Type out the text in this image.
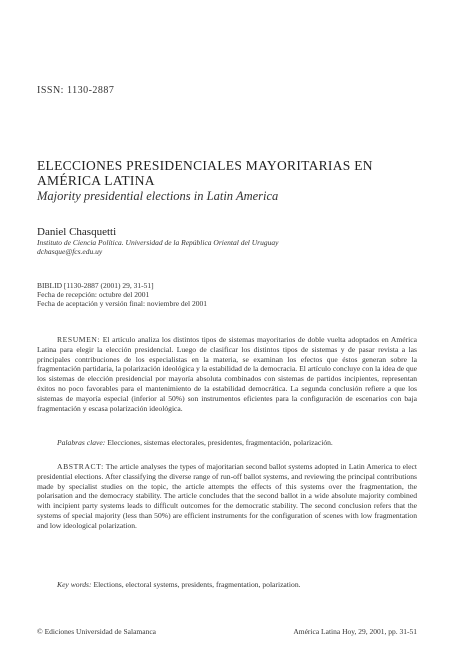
ISSN: 1130-2887
ELECCIONES PRESIDENCIALES MAYORITARIAS EN AMÉRICA LATINA
Majority presidential elections in Latin America
Daniel Chasquetti
Instituto de Ciencia Política. Universidad de la República Oriental del Uruguay
dchasque@fcs.edu.uy
BIBLID [1130-2887 (2001) 29, 31-51]
Fecha de recepción: octubre del 2001
Fecha de aceptación y versión final: noviembre del 2001
RESUMEN: El artículo analiza los distintos tipos de sistemas mayoritarios de doble vuelta adoptados en América Latina para elegir la elección presidencial. Luego de clasificar los distintos tipos de sistemas y de pasar revista a las principales contribuciones de los especialistas en la materia, se examinan los efectos que éstos generan sobre la fragmentación partidaria, la polarización ideológica y la estabilidad de la democracia. El artículo concluye con la idea de que los sistemas de elección presidencial por mayoría absoluta combinados con sistemas de partidos incipientes, representan éxitos no poco favorables para el mantenimiento de la estabilidad democrática. La segunda conclusión refiere a que los sistemas de mayoría especial (inferior al 50%) son instrumentos eficientes para la configuración de escenarios con baja fragmentación y escasa polarización ideológica.
Palabras clave: Elecciones, sistemas electorales, presidentes, fragmentación, polarización.
ABSTRACT: The article analyses the types of majoritarian second ballot systems adopted in Latin America to elect presidential elections. After classifying the diverse range of run-off ballot systems, and reviewing the principal contributions made by specialist studies on the topic, the article attempts the effects of this systems over the fragmentation, the polarisation and the democracy stability. The article concludes that the second ballot in a wide absolute majority combined with incipient party systems leads to difficult outcomes for the democratic stability. The second conclusion refers that the systems of special majority (less than 50%) are efficient instruments for the configuration of scenes with low fragmentation and low ideological polarization.
Key words: Elections, electoral systems, presidents, fragmentation, polarization.
© Ediciones Universidad de Salamanca	América Latina Hoy, 29, 2001, pp. 31-51
